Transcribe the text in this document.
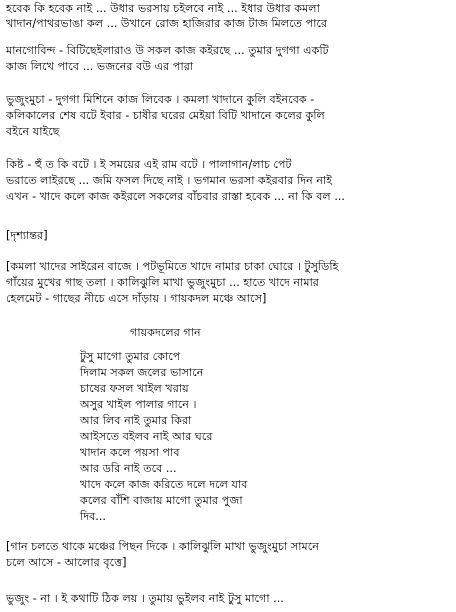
হবেক কি হবেক নাই ... উধার ভরসায় চইলবে নাই ... ইধার উধার কমলা
খাদান/পাথরভাঙা কল ... উখানে রোজ হাজিরার কাজ টাজ মিলতে পারে
মানগোবিন্দ - বিটিছেইলারাও উ সকল কাজ কইরছে ... তুমার দুগগা একটি
কাজ লিখে পাবে ... ভজনের বউ এর পারা
ভুজুংমুচা - দুগগা মিশিনে কাজ লিবেক । কমলা খাদানে কুলি বইনবেক -
কলিকালের শেষ বটে ইবার - চাষীর ঘরের মেইয়া বিটি খাদানে কলের কুলি
বইনে যাইছে
কিষ্ট - হুঁ ত কি বটে । ই সময়ের এই রাম বটে । পালাগান/লাচ পেট
ভরাতে লাইরছে ... জমি ফসল দিছে নাই । ভগমান ভরসা কইরবার দিন নাই
এখন - খাদে কলে কাজ কইরলে সকলের বাঁচবার রাস্তা হবেক ... না কি বল ...
[দৃশ্যান্তর]
[কমলা খাদের সাইরেন বাজে । পটভূমিতে খাদে নামার চাকা ঘোরে । টুসুডিহি
গাঁয়ের মুখের গাছ তলা । কালিঝুলি মাখা ভুজুংমুচা ... হাতে খাদে নামার
হেলমেট - গাছের নীচে এসে দাঁড়ায় । গায়কদল মঞ্চে আসে]
গায়কদলের গান
টুসু মাগো তুমার কোপে
দিলাম সকল জলের ভাসানে
চাষের ফসল খাইল খরায়
অসুর খাইল পালার গানে ।
আর লিব নাই তুমার কিরা
আইসতে বইলব নাই আর ঘরে
খাদান কলে পয়সা পাব
আর ডরি নাই তবে ...
খাদে কলে কাজ করিতে দলে দলে যাব
কলের বাঁশি বাজায় মাগো তুমার পুজা
দিব...
[গান চলতে থাকে মঞ্চের পিছন দিকে । কালিঝুলি মাখা ভুজুংমুচা সামনে
চলে আসে - আলোর বৃত্তে]
ভুজুং - না । ই কথাটি ঠিক লয় । তুমায় ভুইলব নাই টুসু মাগো ...
